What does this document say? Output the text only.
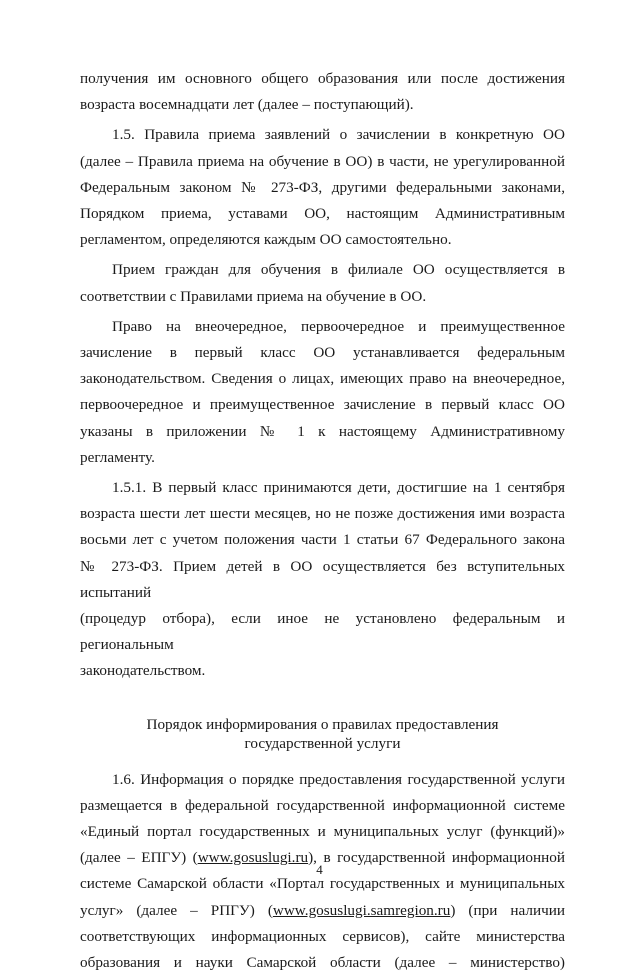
получения им основного общего образования или после достижения

возраста восемнадцати лет (далее – поступающий).

1.5. Правила приема заявлений о зачислении в конкретную ОО

(далее – Правила приема на обучение в ОО) в части, не урегулированной

Федеральным законом № 273-ФЗ, другими федеральными законами,

Порядком приема, уставами ОО, настоящим Административным

регламентом, определяются каждым ОО самостоятельно.

Прием граждан для обучения в филиале ОО осуществляется в

соответствии с Правилами приема на обучение в ОО.

Право на внеочередное, первоочередное и преимущественное

зачисление в первый класс ОО устанавливается федеральным

законодательством. Сведения о лицах, имеющих право на внеочередное,

первоочередное и преимущественное зачисление в первый класс ОО

указаны в приложении № 1 к настоящему Административному регламенту.

1.5.1. В первый класс принимаются дети, достигшие на 1 сентября

возраста шести лет шести месяцев, но не позже достижения ими возраста

восьми лет с учетом положения части 1 статьи 67 Федерального закона

№ 273-ФЗ. Прием детей в ОО осуществляется без вступительных испытаний

(процедур отбора), если иное не установлено федеральным и региональным

законодательством.

Порядок информирования о правилах предоставления
государственной услуги

1.6. Информация о порядке предоставления государственной услуги

размещается в федеральной государственной информационной системе

«Единый портал государственных и муниципальных услуг (функций)»

(далее – ЕПГУ) (www.gosuslugi.ru), в государственной информационной

системе Самарской области «Портал государственных и муниципальных

услуг» (далее – РПГУ) (www.gosuslugi.samregion.ru) (при наличии

соответствующих информационных сервисов), сайте министерства

образования и науки Самарской области (далее – министерство)

4
